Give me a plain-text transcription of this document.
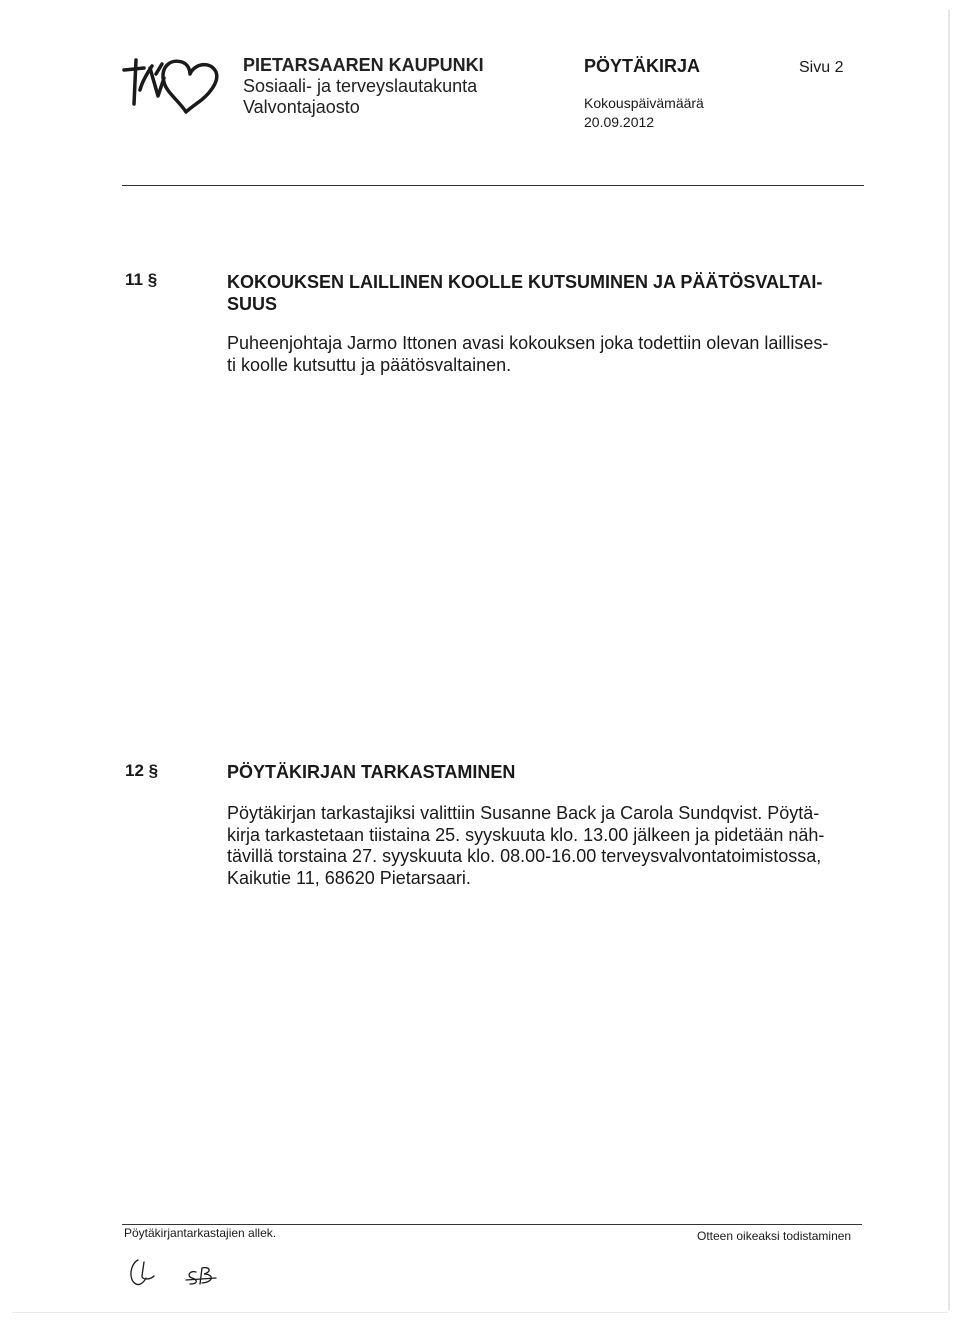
PIETARSAAREN KAUPUNKI
Sosiaali- ja terveyslautakunta
Valvontajaosto
PÖYTÄKIRJA	Sivu 2
Kokouspäivämäärä
20.09.2012
11 §	KOKOUKSEN LAILLINEN KOOLLE KUTSUMINEN JA PÄÄTÖSVALTAI-
SUUS
Puheenjohtaja Jarmo Ittonen avasi kokouksen joka todettiin olevan laillises-
ti koolle kutsuttu ja päätösvaltainen.
12 §	PÖYTÄKIRJAN TARKASTAMINEN
Pöytäkirjan tarkastajiksi valittiin Susanne Back ja Carola Sundqvist. Pöytä-
kirja tarkastetaan tiistaina 25. syyskuuta klo. 13.00 jälkeen ja pidetään näh-
tävillä torstaina 27. syyskuuta klo. 08.00-16.00 terveysvalvontatoimistossa,
Kaikutie 11, 68620 Pietarsaari.
Pöytäkirjantarkastajien allek.	Otteen oikeaksi todistaminen
